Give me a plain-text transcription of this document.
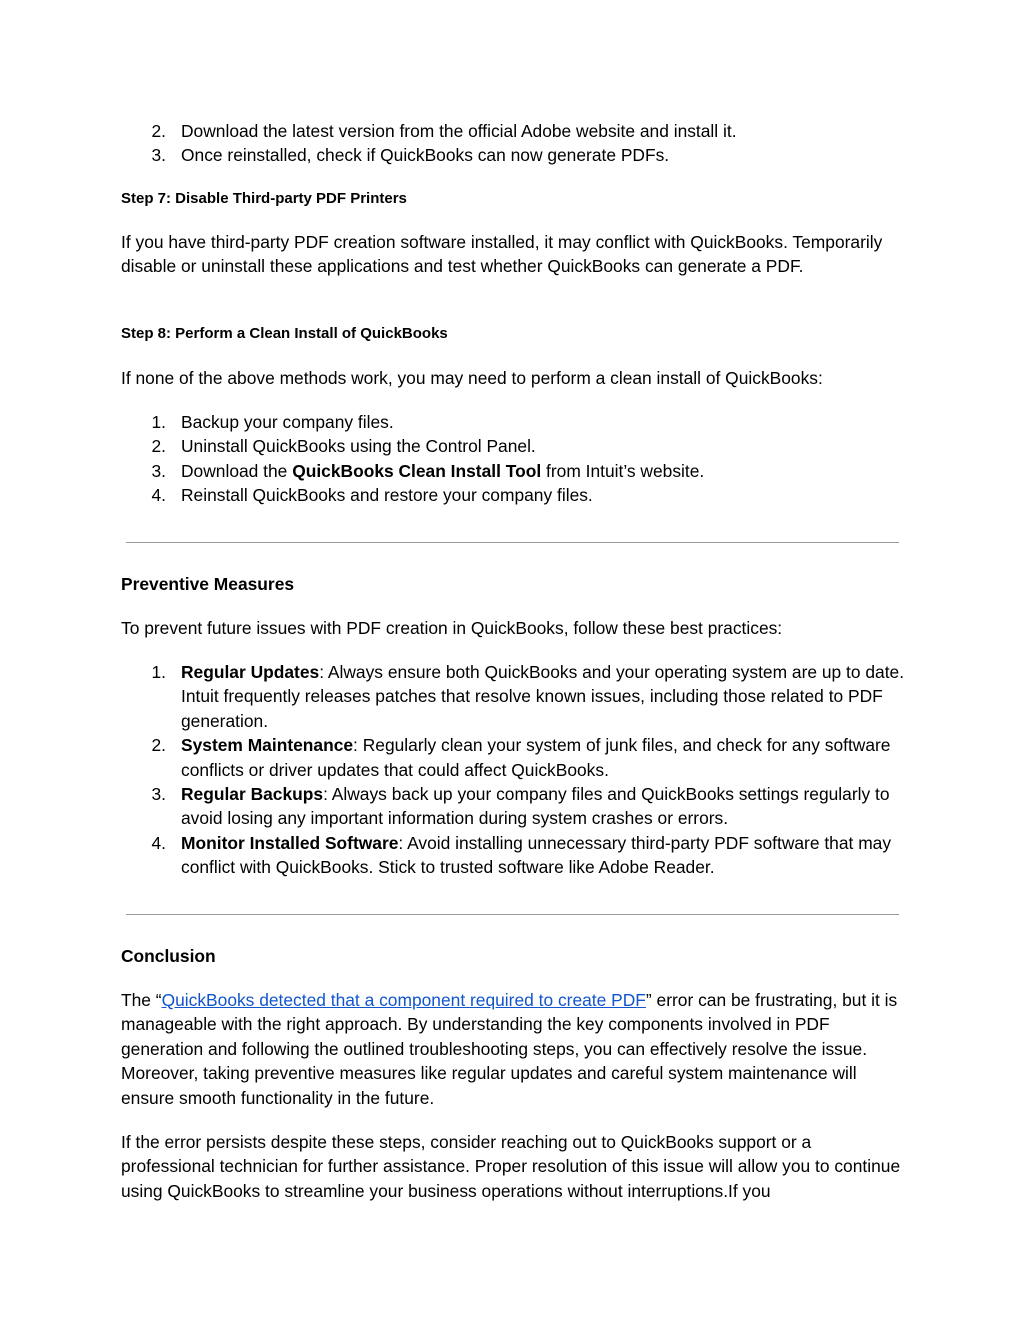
2. Download the latest version from the official Adobe website and install it.
3. Once reinstalled, check if QuickBooks can now generate PDFs.
Step 7: Disable Third-party PDF Printers

If you have third-party PDF creation software installed, it may conflict with QuickBooks. Temporarily disable or uninstall these applications and test whether QuickBooks can generate a PDF.

Step 8: Perform a Clean Install of QuickBooks

If none of the above methods work, you may need to perform a clean install of QuickBooks:

1. Backup your company files.
2. Uninstall QuickBooks using the Control Panel.
3. Download the QuickBooks Clean Install Tool from Intuit’s website.
4. Reinstall QuickBooks and restore your company files.
Preventive Measures

To prevent future issues with PDF creation in QuickBooks, follow these best practices:

1. Regular Updates: Always ensure both QuickBooks and your operating system are up to date. Intuit frequently releases patches that resolve known issues, including those related to PDF generation.
2. System Maintenance: Regularly clean your system of junk files, and check for any software conflicts or driver updates that could affect QuickBooks.
3. Regular Backups: Always back up your company files and QuickBooks settings regularly to avoid losing any important information during system crashes or errors.
4. Monitor Installed Software: Avoid installing unnecessary third-party PDF software that may conflict with QuickBooks. Stick to trusted software like Adobe Reader.
Conclusion

The “QuickBooks detected that a component required to create PDF” error can be frustrating, but it is manageable with the right approach. By understanding the key components involved in PDF generation and following the outlined troubleshooting steps, you can effectively resolve the issue. Moreover, taking preventive measures like regular updates and careful system maintenance will ensure smooth functionality in the future.

If the error persists despite these steps, consider reaching out to QuickBooks support or a professional technician for further assistance. Proper resolution of this issue will allow you to continue using QuickBooks to streamline your business operations without interruptions.If you
